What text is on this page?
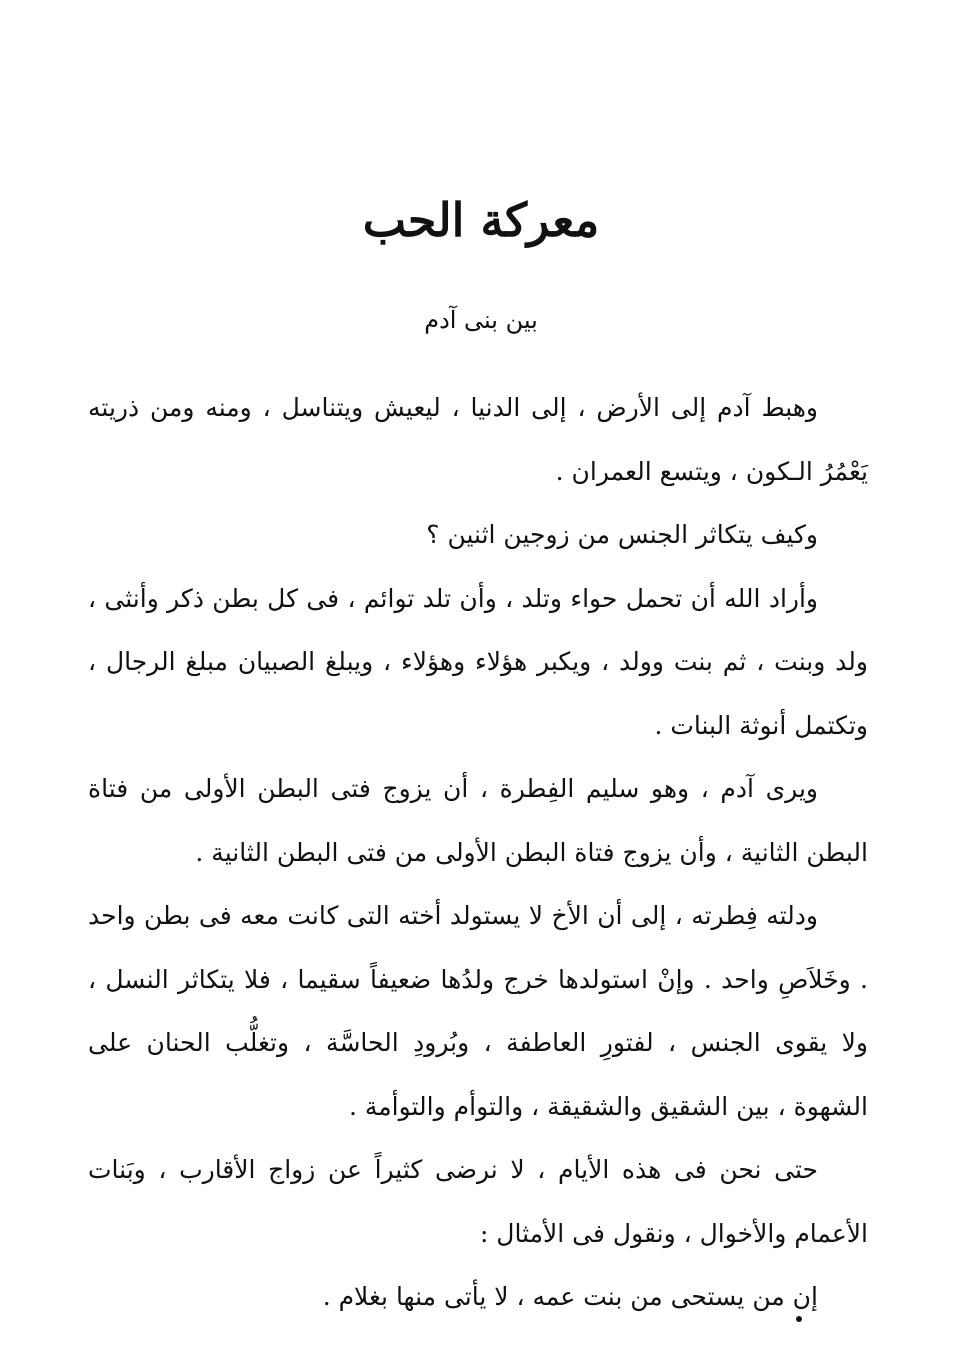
معركة الحب
بين بنى آدم

وهبط آدم إلى الأرض ، إلى الدنيا ، ليعيش ويتناسل ، ومنه ومن ذريته يَعْمُرُ الـكون ، ويتسع العمران .

وكيف يتكاثر الجنس من زوجين اثنين ؟

وأراد الله أن تحمل حواء وتلد ، وأن تلد توائم ، فى كل بطن ذكر وأنثى ، ولد وبنت ، ثم بنت وولد ، ويكبر هؤلاء وهؤلاء ، ويبلغ الصبيان مبلغ الرجال ، وتكتمل أنوثة البنات .

ويرى آدم ، وهو سليم الفِطرة ، أن يزوج فتى البطن الأولى من فتاة البطن الثانية ، وأن يزوج فتاة البطن الأولى من فتى البطن الثانية .

ودلته فِطرته ، إلى أن الأخ لا يستولد أخته التى كانت معه فى بطن واحد . وخَلاَصِ واحد . وإنْ استولدها خرج ولدُها ضعيفاً سقيما ، فلا يتكاثر النسل ، ولا يقوى الجنس ، لفتورِ العاطفة ، وبُرودِ الحاسَّة ، وتغلُّب الحنان على الشهوة ، بين الشقيق والشقيقة ، والتوأم والتوأمة .

حتى نحن فى هذه الأيام ، لا نرضى كثيراً عن زواج الأقارب ، وبَنات الأعمام والأخوال ، ونقول فى الأمثال :

إن من يستحى من بنت عمه ، لا يأتى منها بغلام .
